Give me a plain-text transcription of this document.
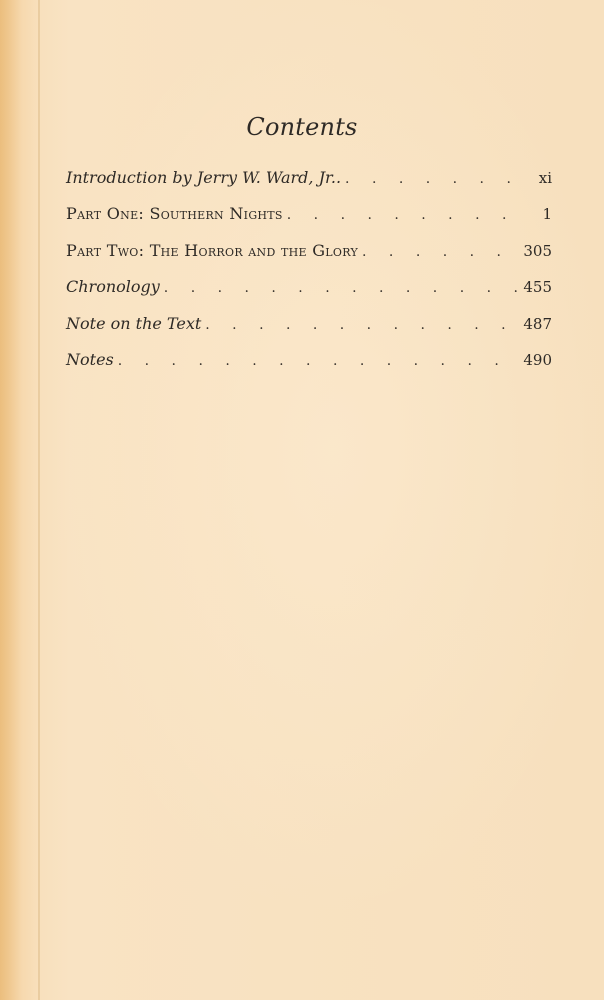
Contents
Introduction by Jerry W. Ward, Jr.. . . .	xi
Part One: Southern Nights . . .	1
Part Two: The Horror and the Glory . . .	305
Chronology . . .	455
Note on the Text . . .	487
Notes . . .	490
